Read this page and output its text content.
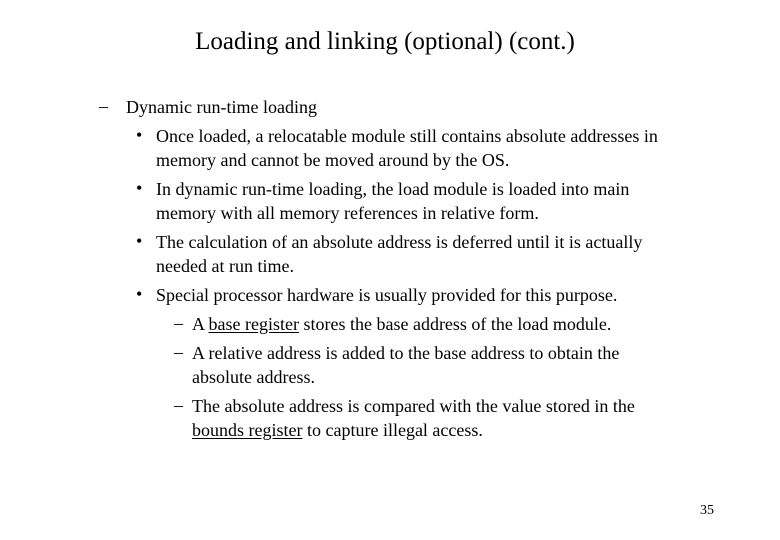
Loading and linking (optional) (cont.)
– Dynamic run-time loading
• Once loaded, a relocatable module still contains absolute addresses in
memory and cannot be moved around by the OS.
• In dynamic run-time loading, the load module is loaded into main
memory with all memory references in relative form.
• The calculation of an absolute address is deferred until it is actually
needed at run time.
• Special processor hardware is usually provided for this purpose.
– A base register stores the base address of the load module.
– A relative address is added to the base address to obtain the
absolute address.
– The absolute address is compared with the value stored in the
bounds register to capture illegal access.
35
